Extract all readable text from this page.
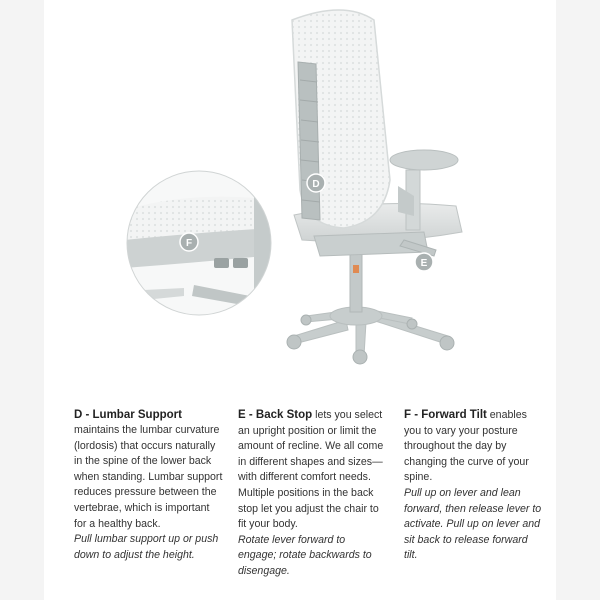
D
E
F
D - Lumbar Support

maintains the lumbar curvature (lordosis) that occurs naturally in the spine of the lower back when standing. Lumbar support reduces pressure between the vertebrae, which is important for a healthy back.

Pull lumbar support up or push down to adjust the height.

E - Back Stop lets you select an upright position or limit the amount of recline. We all come in different shapes and sizes—with different comfort needs. Multiple positions in the back stop let you adjust the chair to fit your body.

Rotate lever forward to engage; rotate backwards to disengage.

F - Forward Tilt enables you to vary your posture throughout the day by changing the curve of your spine.

Pull up on lever and lean forward, then release lever to activate. Pull up on lever and sit back to release forward tilt.
